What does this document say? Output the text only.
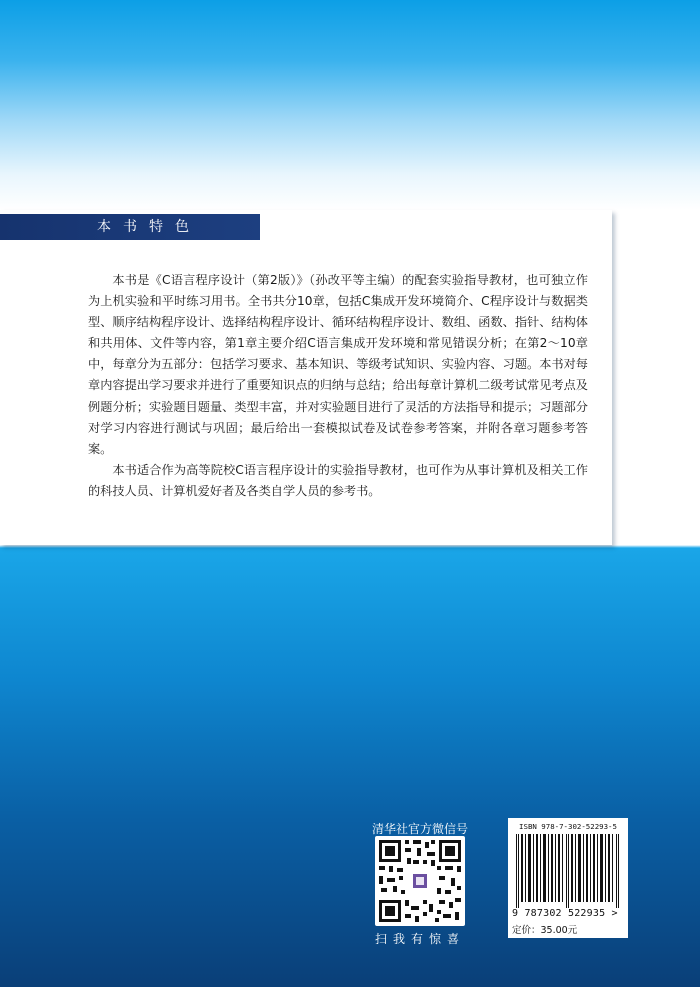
本书特色

本书是《C语言程序设计（第2版）》（孙改平等主编）的配套实验指导教材，也可独立作为上机实验和平时练习用书。全书共分10章，包括C集成开发环境简介、C程序设计与数据类型、顺序结构程序设计、选择结构程序设计、循环结构程序设计、数组、函数、指针、结构体和共用体、文件等内容，第1章主要介绍C语言集成开发环境和常见错误分析；在第2～10章中，每章分为五部分：包括学习要求、基本知识、等级考试知识、实验内容、习题。本书对每章内容提出学习要求并进行了重要知识点的归纳与总结；给出每章计算机二级考试常见考点及例题分析；实验题目题量、类型丰富，并对实验题目进行了灵活的方法指导和提示；习题部分对学习内容进行测试与巩固；最后给出一套模拟试卷及试卷参考答案，并附各章习题参考答案。

本书适合作为高等院校C语言程序设计的实验指导教材，也可作为从事计算机及相关工作的科技人员、计算机爱好者及各类自学人员的参考书。

清华社官方微信号
扫我有惊喜
ISBN 978-7-302-52293-5
9 787302 522935 >
定价：35.00元
